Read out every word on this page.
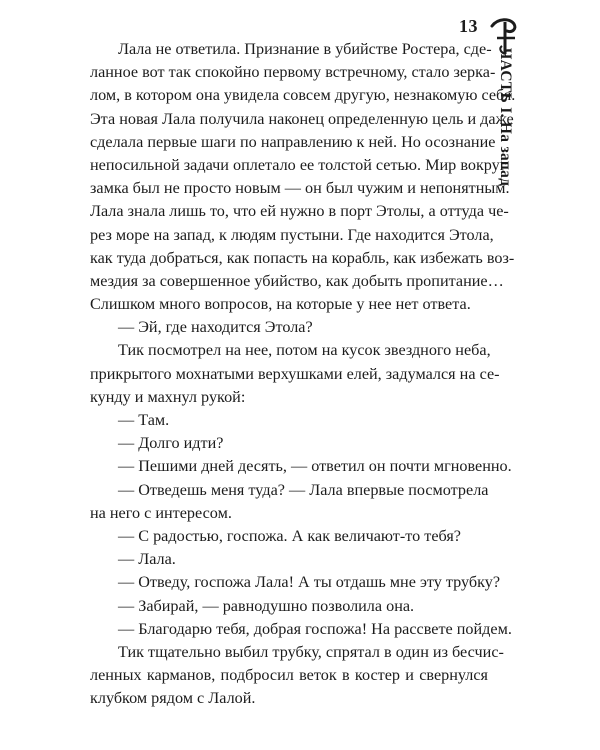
13
ЧАСТЬ I. На запад
Лала не ответила. Признание в убийстве Ростера, сде-
ланное вот так спокойно первому встречному, стало зерка-
лом, в котором она увидела совсем другую, незнакомую себя.
Эта новая Лала получила наконец определенную цель и даже
сделала первые шаги по направлению к ней. Но осознание
непосильной задачи оплетало ее толстой сетью. Мир вокруг
замка был не просто новым — он был чужим и непонятным.
Лала знала лишь то, что ей нужно в порт Этолы, а оттуда че-
рез море на запад, к людям пустыни. Где находится Этола,
как туда добраться, как попасть на корабль, как избежать воз-
мездия за совершенное убийство, как добыть пропитание…
Слишком много вопросов, на которые у нее нет ответа.
— Эй, где находится Этола?
Тик посмотрел на нее, потом на кусок звездного неба,
прикрытого мохнатыми верхушками елей, задумался на се-
кунду и махнул рукой:
— Там.
— Долго идти?
— Пешими дней десять, — ответил он почти мгновенно.
— Отведешь меня туда? — Лала впервые посмотрела
на него с интересом.
— С радостью, госпожа. А как величают-то тебя?
— Лала.
— Отведу, госпожа Лала! А ты отдашь мне эту трубку?
— Забирай, — равнодушно позволила она.
— Благодарю тебя, добрая госпожа! На рассвете пойдем.
Тик тщательно выбил трубку, спрятал в один из бесчис-
ленных карманов, подбросил веток в костер и свернулся
клубком рядом с Лалой.
